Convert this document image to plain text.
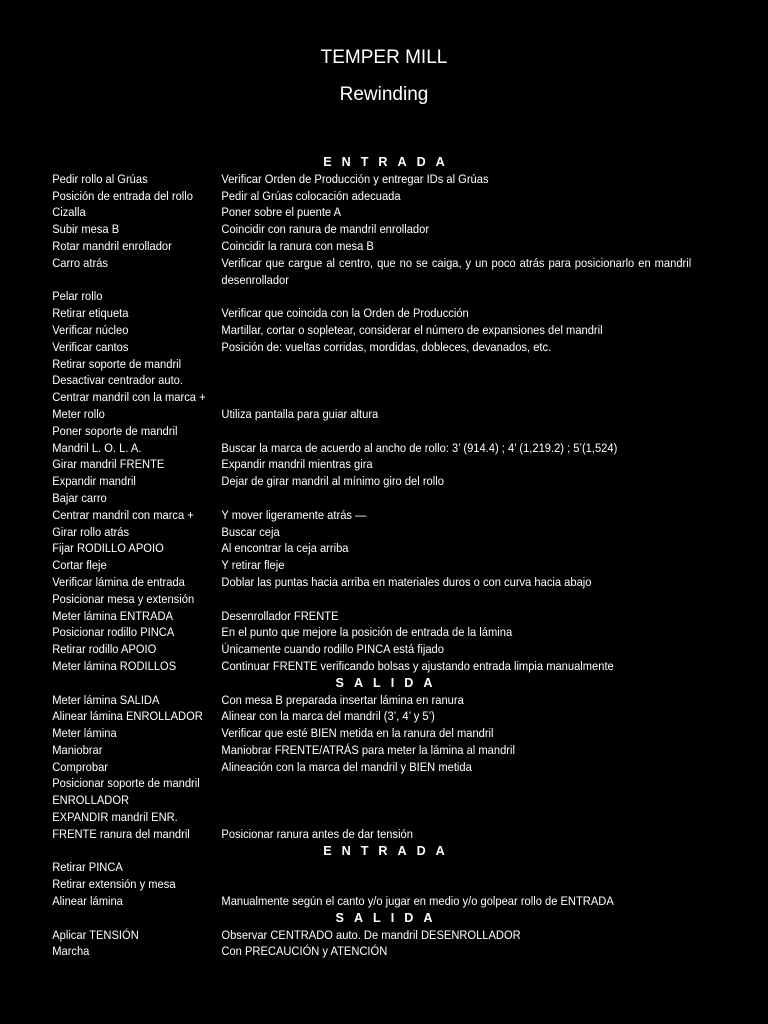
TEMPER MILL
Rewinding
ENTRADA
Pedir rollo al Grúas	Verificar Orden de Producción y entregar IDs al Grúas
Posición de entrada del rollo	Pedir al Grúas colocación adecuada
Cizalla	Poner sobre el puente A
Subir mesa B	Coincidir con ranura de mandril enrollador
Rotar mandril enrollador	Coincidir la ranura con mesa B
Carro atrás	Verificar que cargue al centro, que no se caiga, y un poco atrás para posicionarlo en mandril desenrollador
Pelar rollo
Retirar etiqueta	Verificar que coincida con la Orden de Producción
Verificar núcleo	Martillar, cortar o sopletear, considerar el número de expansiones del mandril
Verificar cantos	Posición de: vueltas corridas, mordidas, dobleces, devanados, etc.
Retirar soporte de mandril
Desactivar centrador auto.
Centrar mandril con la marca +
Meter rollo	Utiliza pantalla para guiar altura
Poner soporte de mandril
Mandril L. O. L. A.	Buscar la marca de acuerdo al ancho de rollo: 3’ (914.4) ; 4’ (1,219.2) ; 5’(1,524)
Girar mandril FRENTE	Expandir mandril mientras gira
Expandir mandril	Dejar de girar mandril al mínimo giro del rollo
Bajar carro
Centrar mandril con marca +	Y mover ligeramente atrás —
Girar rollo atrás	Buscar ceja
Fijar RODILLO APOIO	Al encontrar la ceja arriba
Cortar fleje	Y retirar fleje
Verificar lámina de entrada	Doblar las puntas hacia arriba en materiales duros o con curva hacia abajo
Posicionar mesa y extensión
Meter lámina ENTRADA	Desenrollador FRENTE
Posicionar rodillo PINCA	En el punto que mejore la posición de entrada de la lámina
Retirar rodillo APOIO	Únicamente cuando rodillo PINCA está fijado
Meter lámina RODILLOS	Continuar FRENTE verificando bolsas y ajustando entrada limpia manualmente
SALIDA
Meter lámina SALIDA	Con mesa B preparada insertar lámina en ranura
Alinear lámina ENROLLADOR	Alinear con la marca del mandril (3’, 4’ y 5’)
Meter lámina	Verificar que esté BIEN metida en la ranura del mandril
Maniobrar	Maniobrar FRENTE/ATRÁS para meter la lámina al mandril
Comprobar	Alineación con la marca del mandril y BIEN metida
Posicionar soporte de mandril
ENROLLADOR
EXPANDIR mandril ENR.
FRENTE ranura del mandril	Posicionar ranura antes de dar tensión
ENTRADA
Retirar PINCA
Retirar extensión y mesa
Alinear lámina	Manualmente según el canto y/o jugar en medio y/o golpear rollo de ENTRADA
SALIDA
Aplicar TENSIÓN	Observar CENTRADO auto. De mandril DESENROLLADOR
Marcha	Con PRECAUCIÓN y ATENCIÓN
